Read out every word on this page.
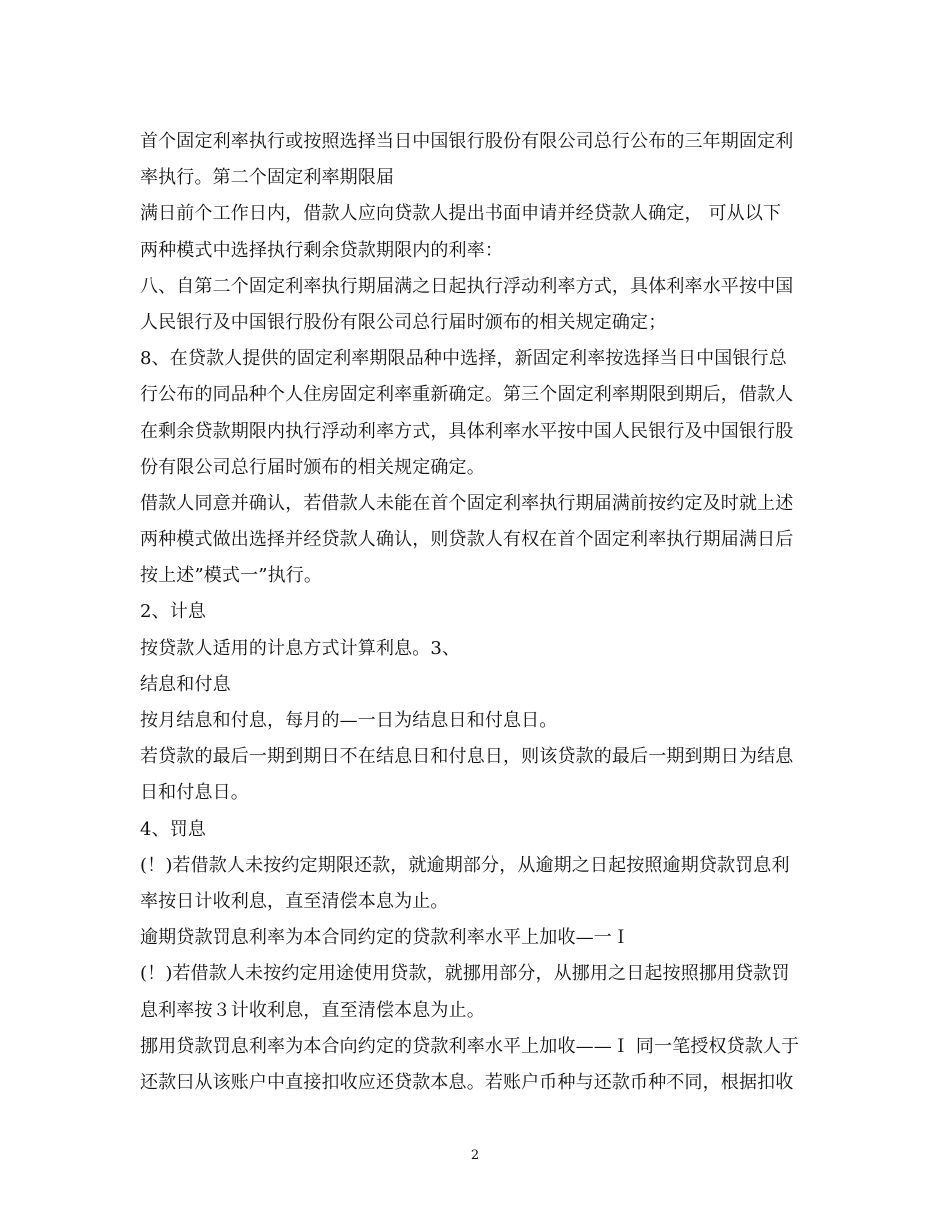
首个固定利率执行或按照选择当日中国银行股份有限公司总行公布的三年期固定利
率执行。第二个固定利率期限届
满日前个工作日内，借款人应向贷款人提出书面申请并经贷款人确定， 可从以下
两种模式中选择执行剩余贷款期限内的利率：
八、自第二个固定利率执行期届满之日起执行浮动利率方式，具体利率水平按中国
人民银行及中国银行股份有限公司总行届时颁布的相关规定确定；
8、在贷款人提供的固定利率期限品种中选择，新固定利率按选择当日中国银行总
行公布的同品种个人住房固定利率重新确定。第三个固定利率期限到期后，借款人
在剩余贷款期限内执行浮动利率方式，具体利率水平按中国人民银行及中国银行股
份有限公司总行届时颁布的相关规定确定。
借款人同意并确认，若借款人未能在首个固定利率执行期届满前按约定及时就上述
两种模式做出选择并经贷款人确认，则贷款人有权在首个固定利率执行期届满日后
按上述”模式一”执行。
2、计息
按贷款人适用的计息方式计算利息。3、
结息和付息
按月结息和付息，每月的—一日为结息日和付息日。
若贷款的最后一期到期日不在结息日和付息日，则该贷款的最后一期到期日为结息
日和付息日。
4、罚息
(！)若借款人未按约定期限还款，就逾期部分，从逾期之日起按照逾期贷款罚息利
率按日计收利息，直至清偿本息为止。
逾期贷款罚息利率为本合同约定的贷款利率水平上加收—一Ｉ
(！)若借款人未按约定用途使用贷款，就挪用部分，从挪用之日起按照挪用贷款罚
息利率按３计收利息，直至清偿本息为止。
挪用贷款罚息利率为本合向约定的贷款利率水平上加收——Ｉ 同一笔授权贷款人于
还款曰从该账户中直接扣收应还贷款本息。若账户币种与还款币种不同，根据扣收
2
